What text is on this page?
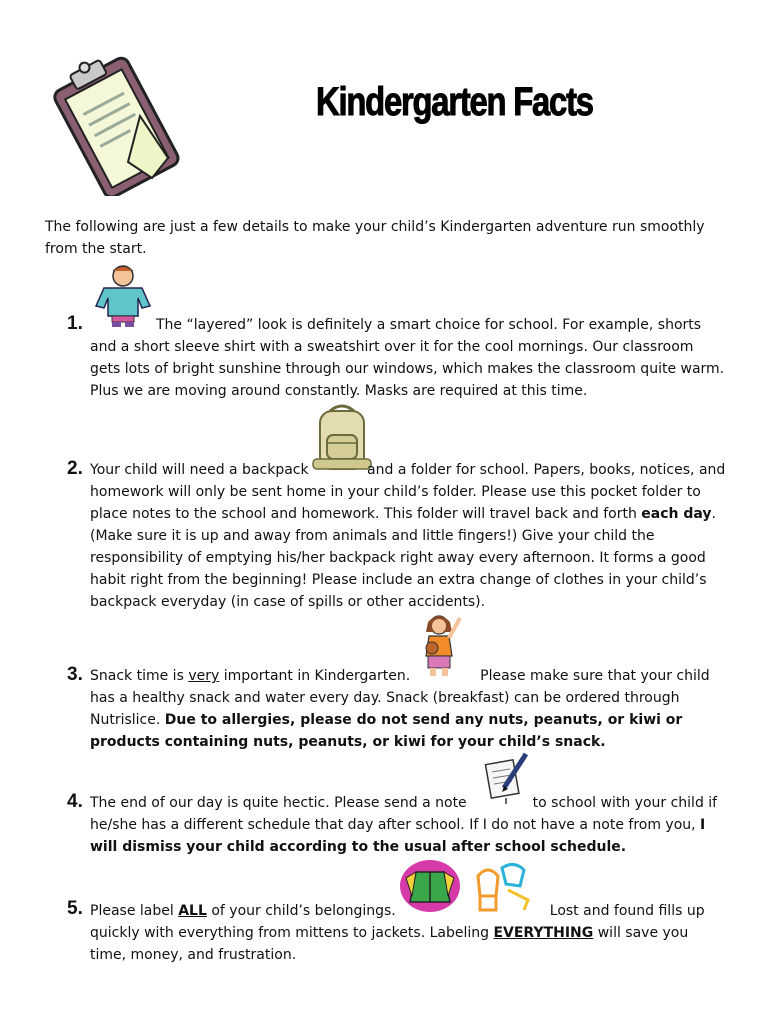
Kindergarten Facts
The following are just a few details to make your child’s Kindergarten adventure run smoothly from the start.
1.	The “layered” look is definitely a smart choice for school. For example, shorts and a short sleeve shirt with a sweatshirt over it for the cool mornings. Our classroom gets lots of bright sunshine through our windows, which makes the classroom quite warm. Plus we are moving around constantly. Masks are required at this time.
2. Your child will need a backpack	and a folder for school. Papers, books, notices, and homework will only be sent home in your child’s folder. Please use this pocket folder to place notes to the school and homework. This folder will travel back and forth each day. (Make sure it is up and away from animals and little fingers!) Give your child the responsibility of emptying his/her backpack right away every afternoon. It forms a good habit right from the beginning! Please include an extra change of clothes in your child’s backpack everyday (in case of spills or other accidents).
3. Snack time is very important in Kindergarten.	Please make sure that your child has a healthy snack and water every day. Snack (breakfast) can be ordered through Nutrislice. Due to allergies, please do not send any nuts, peanuts, or kiwi or products containing nuts, peanuts, or kiwi for your child’s snack.
4. The end of our day is quite hectic. Please send a note	to school with your child if he/she has a different schedule that day after school. If I do not have a note from you, I will dismiss your child according to the usual after school schedule.
5. Please label ALL of your child’s belongings.	Lost and found fills up quickly with everything from mittens to jackets. Labeling EVERYTHING will save you time, money, and frustration.
